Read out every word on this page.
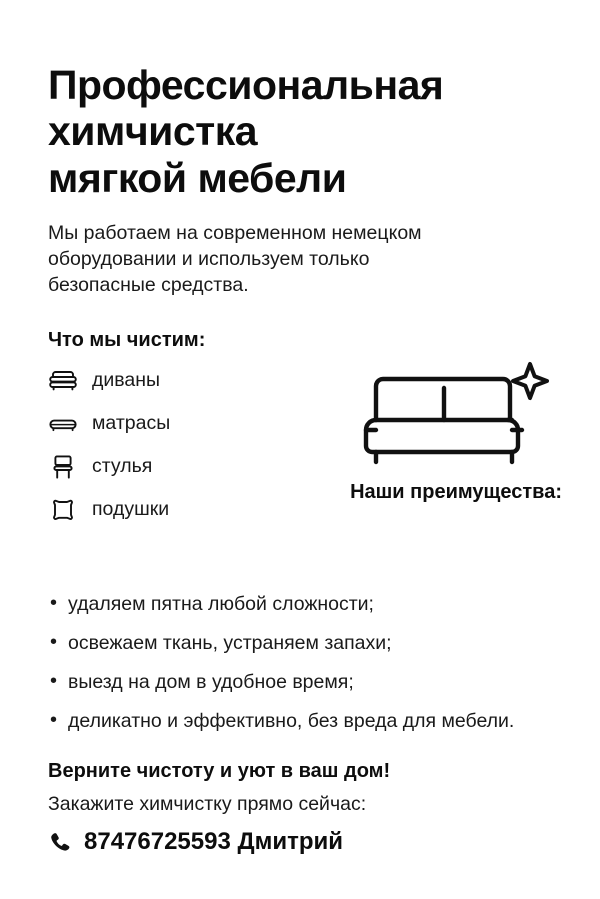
Профессиональная
химчистка
мягкой мебели

Мы работаем на современном немецком
оборудовании и используем только
безопасные средства.

Что мы чистим:
диваны
матрасы
стулья
подушки
Наши преимущества:
• удаляем пятна любой сложности;
• освежаем ткань, устраняем запахи;
• выезд на дом в удобное время;
• деликатно и эффективно, без вреда для мебели.
Верните чистоту и уют в ваш дом!
Закажите химчистку прямо сейчас:
87476725593 Дмитрий
